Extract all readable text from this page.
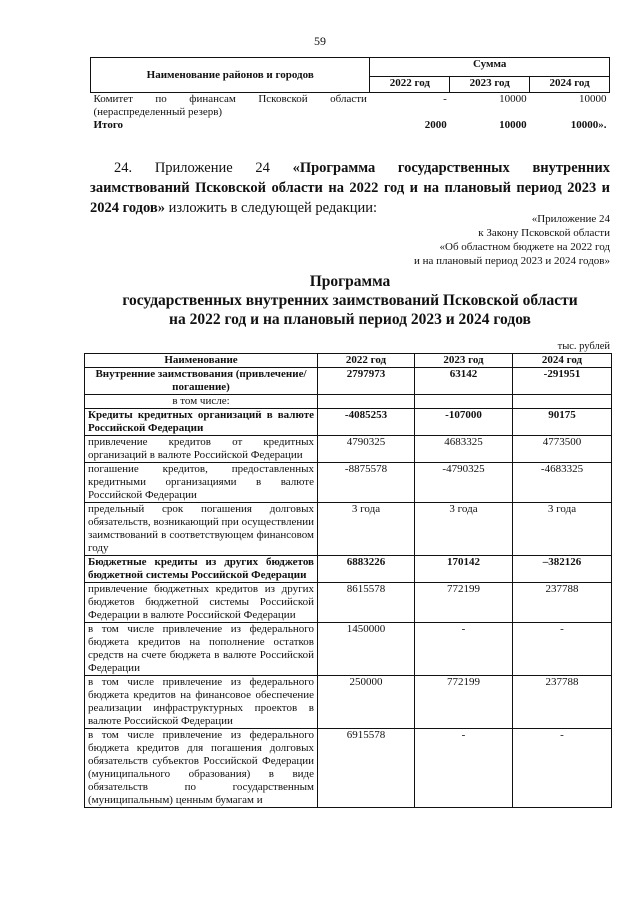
59
Наименование районов и городов	Сумма		
	2022 год	2023 год	2024 год

Комитет по финансам Псковской области
(нераспределенный резерв)	-	10000	10000
Итого	2000	10000	10000».
24. Приложение 24 «Программа государственных внутренних заимствований Псковской области на 2022 год и на плановый период 2023 и 2024 годов» изложить в следующей редакции:
«Приложение 24
к Закону Псковской области
«Об областном бюджете на 2022 год
и на плановый период 2023 и 2024 годов»
Программа
государственных внутренних заимствований Псковской области
на 2022 год и на плановый период 2023 и 2024 годов
тыс. рублей
Наименование	2022 год	2023 год	2024 год
Внутренние заимствования (привлечение/погашение)	2797973	63142	-291951
в том числе:			
Кредиты кредитных организаций в валюте Российской Федерации	-4085253	-107000	90175
привлечение кредитов от кредитных организаций в валюте Российской Федерации	4790325	4683325	4773500
погашение кредитов, предоставленных кредитными организациями в валюте Российской Федерации	-8875578	-4790325	-4683325
предельный срок погашения долговых обязательств, возникающий при осуществлении заимствований в соответствующем финансовом году	3 года	3 года	3 года
Бюджетные кредиты из других бюджетов бюджетной системы Российской Федерации	6883226	170142	–382126
привлечение бюджетных кредитов из других бюджетов бюджетной системы Российской Федерации в валюте Российской Федерации	8615578	772199	237788
в том числе привлечение из федерального бюджета кредитов на пополнение остатков средств на счете бюджета в валюте Российской Федерации	1450000	-	-
в том числе привлечение из федерального бюджета кредитов на финансовое обеспечение реализации инфраструктурных проектов в валюте Российской Федерации	250000	772199	237788
в том числе привлечение из федерального бюджета кредитов для погашения долговых обязательств субъектов Российской Федерации (муниципального образования) в виде обязательств по государственным (муниципальным) ценным бумагам и	6915578	-	-
